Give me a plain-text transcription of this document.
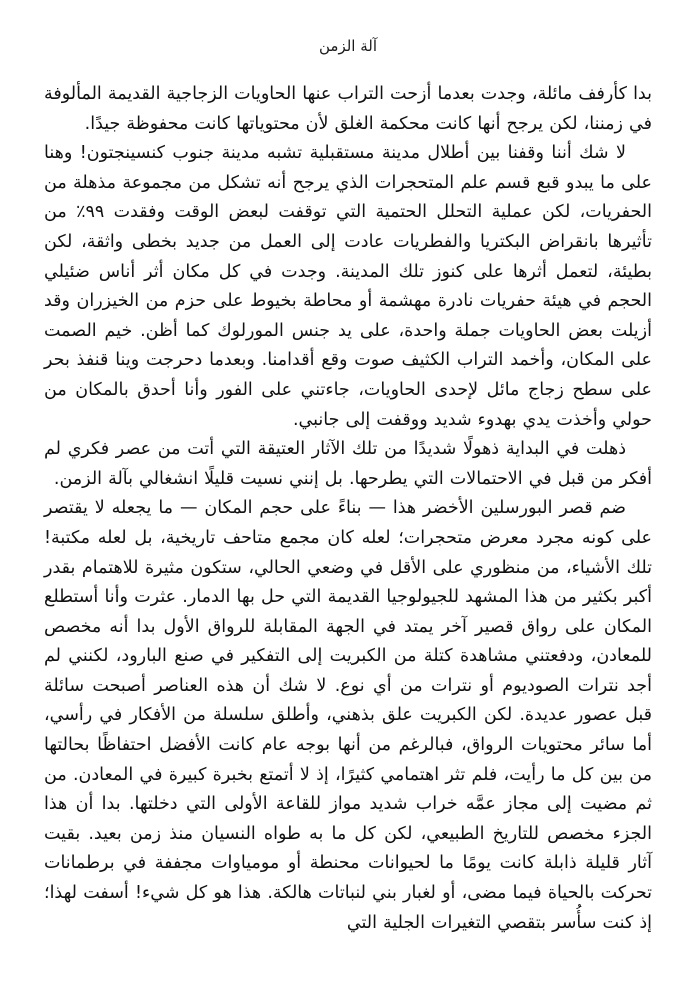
آلة الزمن

بدا كأرفف مائلة، وجدت بعدما أزحت التراب عنها الحاويات الزجاجية القديمة المألوفة في زمننا، لكن يرجح أنها كانت محكمة الغلق لأن محتوياتها كانت محفوظة جيدًا.

لا شك أننا وقفنا بين أطلال مدينة مستقبلية تشبه مدينة جنوب كنسينجتون! وهنا على ما يبدو قبع قسم علم المتحجرات الذي يرجح أنه تشكل من مجموعة مذهلة من الحفريات، لكن عملية التحلل الحتمية التي توقفت لبعض الوقت وفقدت ٩٩٪ من تأثيرها بانقراض البكتريا والفطريات عادت إلى العمل من جديد بخطى واثقة، لكن بطيئة، لتعمل أثرها على كنوز تلك المدينة. وجدت في كل مكان أثر أناس ضئيلي الحجم في هيئة حفريات نادرة مهشمة أو محاطة بخيوط على حزم من الخيزران وقد أزيلت بعض الحاويات جملة واحدة، على يد جنس المورلوك كما أظن. خيم الصمت على المكان، وأخمد التراب الكثيف صوت وقع أقدامنا. وبعدما دحرجت وينا قنفذ بحر على سطح زجاج مائل لإحدى الحاويات، جاءتني على الفور وأنا أحدق بالمكان من حولي وأخذت يدي بهدوء شديد ووقفت إلى جانبي.

ذهلت في البداية ذهولًا شديدًا من تلك الآثار العتيقة التي أتت من عصر فكري لم أفكر من قبل في الاحتمالات التي يطرحها. بل إنني نسيت قليلًا انشغالي بآلة الزمن.

ضم قصر البورسلين الأخضر هذا — بناءً على حجم المكان — ما يجعله لا يقتصر على كونه مجرد معرض متحجرات؛ لعله كان مجمع متاحف تاريخية، بل لعله مكتبة! تلك الأشياء، من منظوري على الأقل في وضعي الحالي، ستكون مثيرة للاهتمام بقدر أكبر بكثير من هذا المشهد للجيولوجيا القديمة التي حل بها الدمار. عثرت وأنا أستطلع المكان على رواق قصير آخر يمتد في الجهة المقابلة للرواق الأول بدا أنه مخصص للمعادن، ودفعتني مشاهدة كتلة من الكبريت إلى التفكير في صنع البارود، لكنني لم أجد نترات الصوديوم أو نترات من أي نوع. لا شك أن هذه العناصر أصبحت سائلة قبل عصور عديدة. لكن الكبريت علق بذهني، وأطلق سلسلة من الأفكار في رأسي، أما سائر محتويات الرواق، فبالرغم من أنها بوجه عام كانت الأفضل احتفاظًا بحالتها من بين كل ما رأيت، فلم تثر اهتمامي كثيرًا، إذ لا أتمتع بخبرة كبيرة في المعادن. من ثم مضيت إلى مجاز عمَّه خراب شديد مواز للقاعة الأولى التي دخلتها. بدا أن هذا الجزء مخصص للتاريخ الطبيعي، لكن كل ما به طواه النسيان منذ زمن بعيد. بقيت آثار قليلة ذابلة كانت يومًا ما لحيوانات محنطة أو مومياوات مجففة في برطمانات تحركت بالحياة فيما مضى، أو لغبار بني لنباتات هالكة. هذا هو كل شيء! أسفت لهذا؛ إذ كنت سأُسر بتقصي التغيرات الجلية التي
